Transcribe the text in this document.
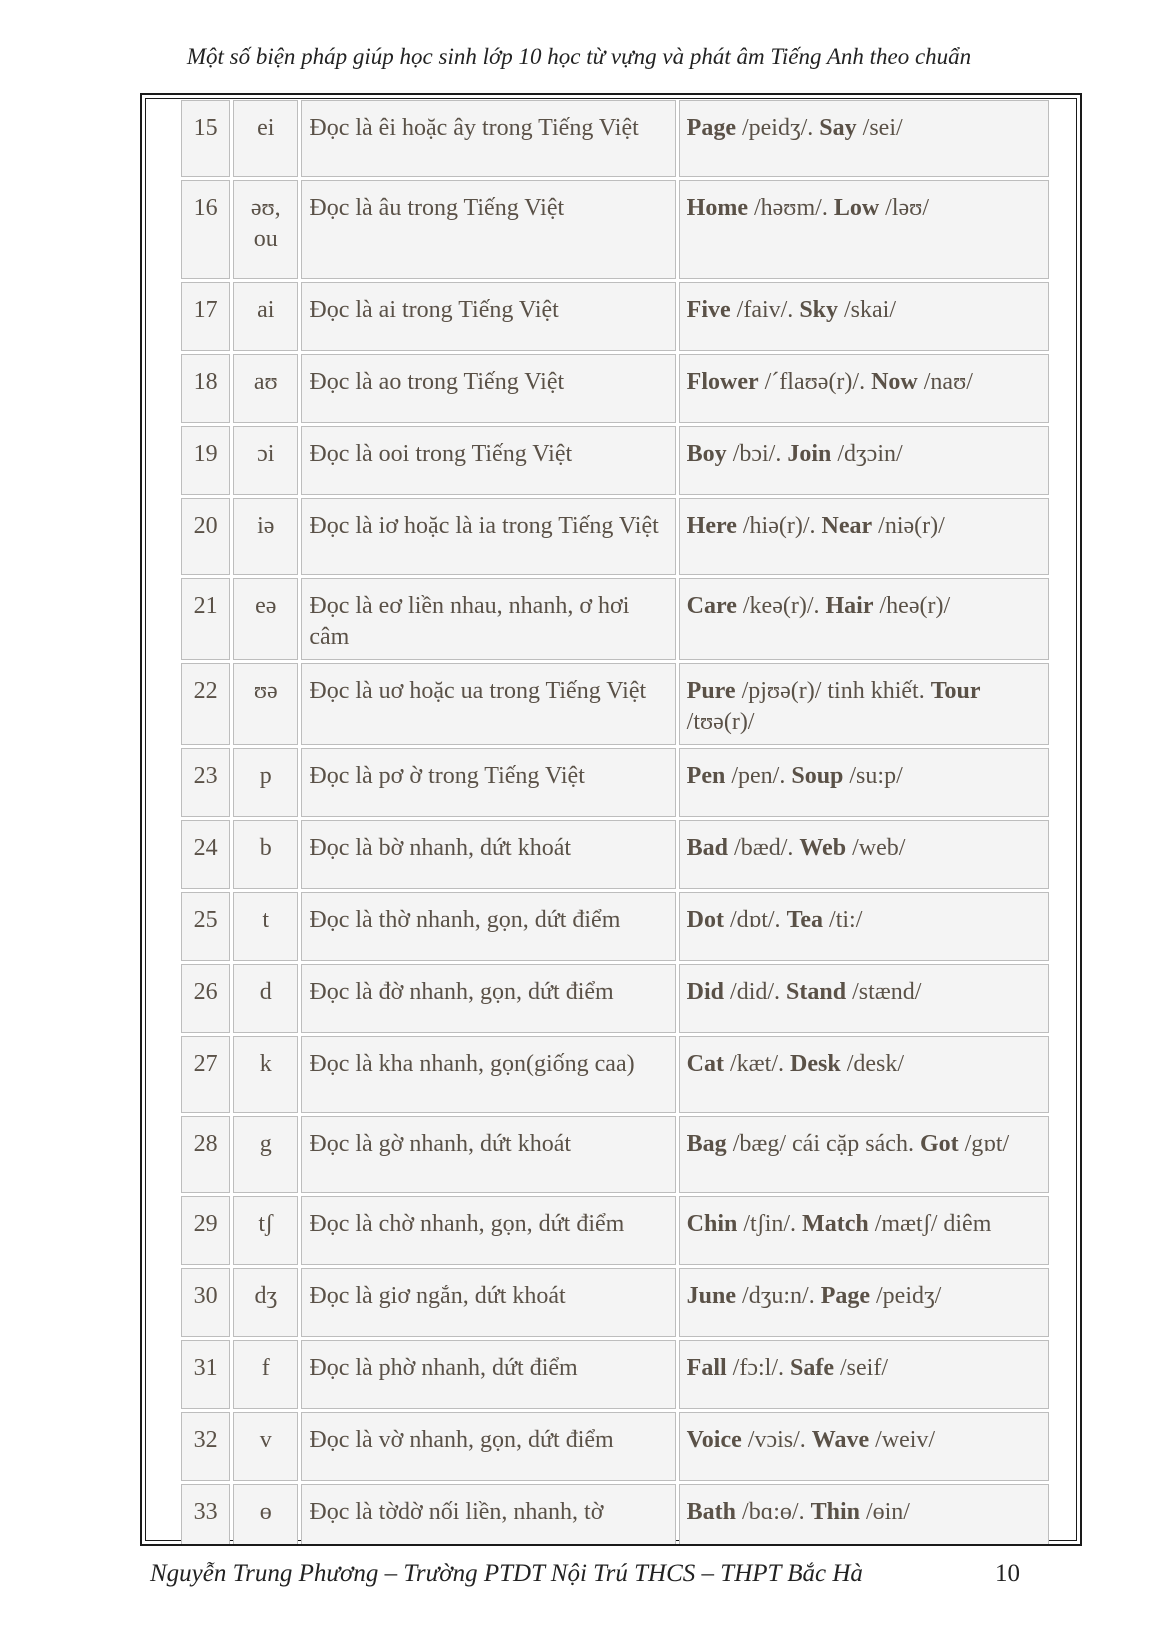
Một số biện pháp giúp học sinh lớp 10 học từ vựng và phát âm Tiếng Anh theo chuẩn
15	ei	Đọc là êi hoặc ây trong Tiếng Việt	Page /peidʒ/. Say /sei/
16	əʊ, ou	Đọc là âu trong Tiếng Việt	Home /həʊm/. Low /ləʊ/
17	ai	Đọc là ai trong Tiếng Việt	Five /faiv/. Sky /skai/
18	aʊ	Đọc là ao trong Tiếng Việt	Flower /ˊflaʊə(r)/. Now /naʊ/
19	ɔi	Đọc là ooi trong Tiếng Việt	Boy /bɔi/. Join /dʒɔin/
20	iə	Đọc là iơ hoặc là ia trong Tiếng Việt	Here /hiə(r)/. Near /niə(r)/
21	eə	Đọc là eơ liền nhau, nhanh, ơ hơi câm	Care /keə(r)/. Hair /heə(r)/
22	ʊə	Đọc là uơ hoặc ua trong Tiếng Việt	Pure /pjʊə(r)/ tinh khiết. Tour /tʊə(r)/
23	p	Đọc là pơ ờ trong Tiếng Việt	Pen /pen/. Soup /su:p/
24	b	Đọc là bờ nhanh, dứt khoát	Bad /bæd/. Web /web/
25	t	Đọc là thờ nhanh, gọn, dứt điểm	Dot /dɒt/. Tea /ti:/
26	d	Đọc là đờ nhanh, gọn, dứt điểm	Did /did/. Stand /stænd/
27	k	Đọc là kha nhanh, gọn(giống caa)	Cat /kæt/. Desk /desk/
28	g	Đọc là gờ nhanh, dứt khoát	Bag /bæg/ cái cặp sách. Got /gɒt/
29	tʃ	Đọc là chờ nhanh, gọn, dứt điểm	Chin /tʃin/. Match /mætʃ/ diêm
30	dʒ	Đọc là giơ ngắn, dứt khoát	June /dʒu:n/. Page /peidʒ/
31	f	Đọc là phờ nhanh, dứt điểm	Fall /fɔ:l/. Safe /seif/
32	v	Đọc là vờ nhanh, gọn, dứt điểm	Voice /vɔis/. Wave /weiv/
33	ɵ	Đọc là tờdờ nối liền, nhanh, tờ	Bath /bɑ:ɵ/. Thin /ɵin/
Nguyễn Trung Phương – Trường PTDT Nội Trú THCS – THPT Bắc Hà	10
